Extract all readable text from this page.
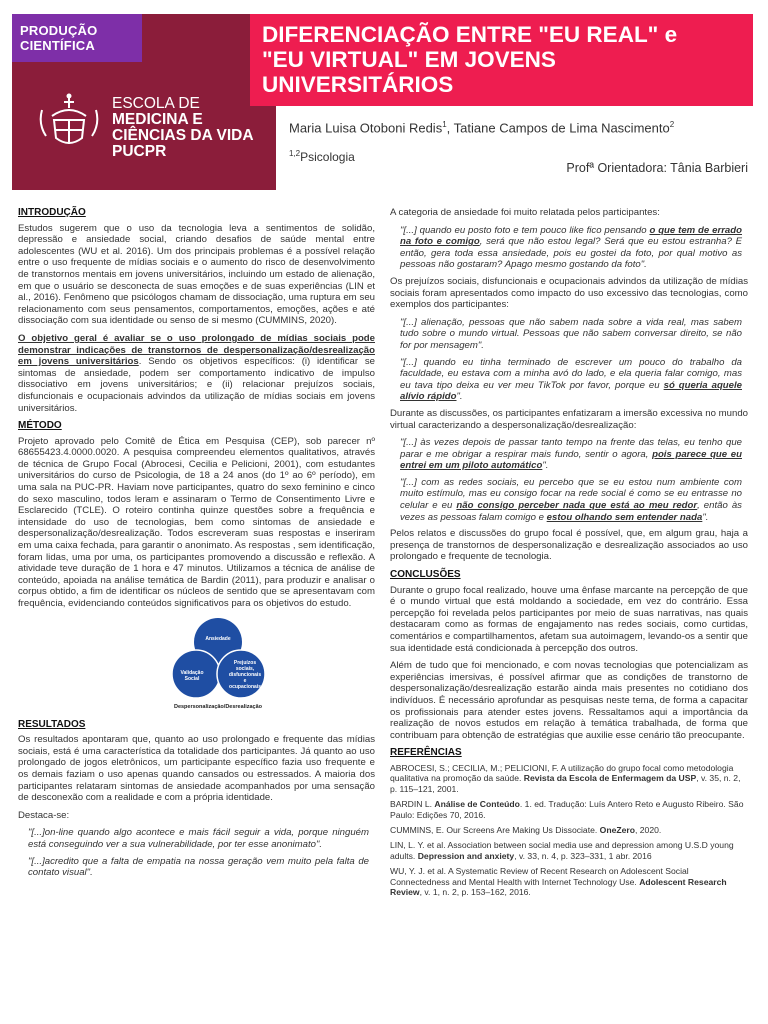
PRODUÇÃO
CIENTÍFICA
ESCOLA DE
MEDICINA E
CIÊNCIAS DA VIDA
PUCPR
DIFERENCIAÇÃO ENTRE "EU REAL" e
"EU VIRTUAL" EM JOVENS
UNIVERSITÁRIOS
Maria Luisa Otoboni Redis$^1$, Tatiane Campos de Lima Nascimento$^2$
$^{1,2}$Psicologia
Profª Orientadora: Tânia Barbieri
INTRODUÇÃO

Estudos sugerem que o uso da tecnologia leva a sentimentos de solidão, depressão e ansiedade social, criando desafios de saúde mental entre adolescentes (WU et al. 2016). Um dos principais problemas é a possível relação entre o uso frequente de mídias sociais e o aumento do risco de desenvolvimento de transtornos mentais em jovens universitários, incluindo um estado de alienação, em que o usuário se desconecta de suas emoções e de suas experiências (LIN et al., 2016). Fenômeno que psicólogos chamam de dissociação, uma ruptura em seu relacionamento com seus pensamentos, comportamentos, emoções, ações e até dissociação com sua identidade ou senso de si mesmo (CUMMINS, 2020).

O objetivo geral é avaliar se o uso prolongado de mídias sociais pode demonstrar indicações de transtornos de despersonalização/desrealização em jovens universitários. Sendo os objetivos específicos: (i) identificar se sintomas de ansiedade, podem ser comportamento indicativo de impulso dissociativo em jovens universitários; e (ii) relacionar prejuízos sociais, disfuncionais e ocupacionais advindos da utilização de mídias sociais em jovens universitários.

MÉTODO

Projeto aprovado pelo Comitê de Ética em Pesquisa (CEP), sob parecer nº 68655423.4.0000.0020. A pesquisa compreendeu elementos qualitativos, através de técnica de Grupo Focal (Abrocesi, Cecilia e Pelicioni, 2001), com estudantes universitários do curso de Psicologia, de 18 a 24 anos (do 1º ao 6º período), em uma sala na PUC-PR. Haviam nove participantes, quatro do sexo feminino e cinco do sexo masculino, todos leram e assinaram o Termo de Consentimento Livre e Esclarecido (TCLE). O roteiro continha quinze questões sobre a frequência e intensidade do uso de tecnologias, bem como sintomas de ansiedade e despersonalização/desrealização. Todos escreveram suas respostas e inseriram em uma caixa fechada, para garantir o anonimato. As respostas , sem identificação, foram lidas, uma por uma, os participantes promovendo a discussão e reflexão. A atividade teve duração de 1 hora e 47 minutos. Utilizamos a técnica de análise de conteúdo, apoiada na análise temática de Bardin (2011), para produzir e analisar o corpus obtido, a fim de identificar os núcleos de sentido que se apresentavam com frequência, evidenciando conteúdos significativos para os objetivos do estudo.

Ansiedade
Validação
Social
Prejuízos
sociais,
disfuncionais
e
ocupacionais
Despersonalização/Desrealização
RESULTADOS

Os resultados apontaram que, quanto ao uso prolongado e frequente das mídias sociais, está é uma característica da totalidade dos participantes. Já quanto ao uso prolongado de jogos eletrônicos, um participante específico fazia uso frequente e os demais faziam o uso apenas quando cansados ou estressados. A maioria dos participantes relataram sintomas de ansiedade acompanhados por uma sensação de desconexão com a realidade e com a própria identidade.

Destaca-se:

"[...]on-line quando algo acontece e mais fácil seguir a vida, porque ninguém está conseguindo ver a sua vulnerabilidade, por ter esse anonimato".
"[...]acredito que a falta de empatia na nossa geração vem muito pela falta de contato visual".

A categoria de ansiedade foi muito relatada pelos participantes:

"[...] quando eu posto foto e tem pouco like fico pensando o que tem de errado na foto e comigo, será que não estou legal? Será que eu estou estranha? E então, gera toda essa ansiedade, pois eu gostei da foto, por qual motivo as pessoas não gostaram? Apago mesmo gostando da foto".

Os prejuízos sociais, disfuncionais e ocupacionais advindos da utilização de mídias sociais foram apresentados como impacto do uso excessivo das tecnologias, como exemplos dos participantes:

"[...] alienação, pessoas que não sabem nada sobre a vida real, mas sabem tudo sobre o mundo virtual. Pessoas que não sabem conversar direito, se não for por mensagem".
"[...] quando eu tinha terminado de escrever um pouco do trabalho da faculdade, eu estava com a minha avó do lado, e ela queria falar comigo, mas eu tava tipo deixa eu ver meu TikTok por favor, porque eu só queria aquele alívio rápido".

Durante as discussões, os participantes enfatizaram a imersão excessiva no mundo virtual caracterizando a despersonalização/desrealização:

"[...] às vezes depois de passar tanto tempo na frente das telas, eu tenho que parar e me obrigar a respirar mais fundo, sentir o agora, pois parece que eu entrei em um piloto automático".
"[...] com as redes sociais, eu percebo que se eu estou num ambiente com muito estímulo, mas eu consigo focar na rede social é como se eu entrasse no celular e eu não consigo perceber nada que está ao meu redor, então às vezes as pessoas falam comigo e estou olhando sem entender nada".

Pelos relatos e discussões do grupo focal é possível, que, em algum grau, haja a presença de transtornos de despersonalização e desrealização associados ao uso prolongado e frequente de tecnologia.

CONCLUSÕES

Durante o grupo focal realizado, houve uma ênfase marcante na percepção de que é o mundo virtual que está moldando a sociedade, em vez do contrário. Essa percepção foi revelada pelos participantes por meio de suas narrativas, nas quais destacaram como as formas de engajamento nas redes sociais, como curtidas, comentários e compartilhamentos, afetam sua autoimagem, levando-os a sentir que sua identidade está condicionada à percepção dos outros.

Além de tudo que foi mencionado, e com novas tecnologias que potencializam as experiências imersivas, é possível afirmar que as condições de transtorno de despersonalização/desrealização estarão ainda mais presentes no cotidiano dos indivíduos. É necessário aprofundar as pesquisas neste tema, de forma a capacitar os profissionais para atender estes jovens. Ressaltamos aqui a importância da realização de novos estudos em relação à temática trabalhada, de forma que contribuam para obtenção de estratégias que auxilie esse cenário tão preocupante.

REFERÊNCIAS

ABROCESI, S.; CECILIA, M.; PELICIONI, F. A utilização do grupo focal como metodologia qualitativa na promoção da saúde. Revista da Escola de Enfermagem da USP, v. 35, n. 2, p. 115–121, 2001.

BARDIN L. Análise de Conteúdo. 1. ed. Tradução: Luís Antero Reto e Augusto Ribeiro. São Paulo: Edições 70, 2016.

CUMMINS, E. Our Screens Are Making Us Dissociate. OneZero, 2020.

LIN, L. Y. et al. Association between social media use and depression among U.S.D young adults. Depression and anxiety, v. 33, n. 4, p. 323–331, 1 abr. 2016

WU, Y. J. et al. A Systematic Review of Recent Research on Adolescent Social Connectedness and Mental Health with Internet Technology Use. Adolescent Research Review, v. 1, n. 2, p. 153–162, 2016.
